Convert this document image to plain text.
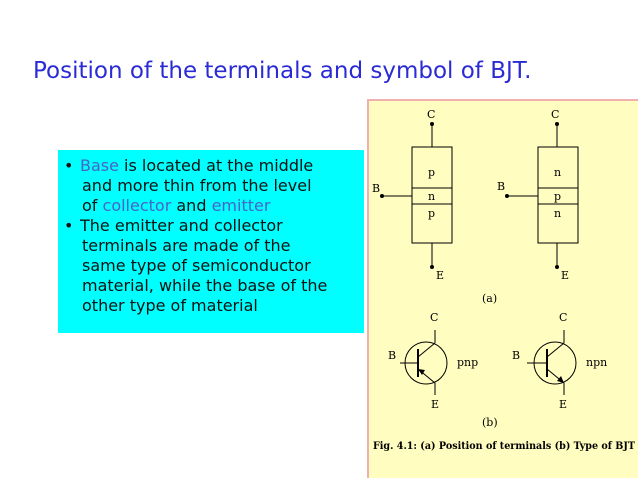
Position of the terminals and symbol of BJT.
• Base is located at the middle
and more thin from the level
of collector and emitter
• The emitter and collector
terminals are made of the
same type of semiconductor
material, while the base of the
other type of material
C
p
n
p
B
E
C
n
p
n
B
E
(a)
C
B
pnp
E
C
B
npn
E
(b)
Fig. 4.1: (a) Position of terminals (b) Type of BJT
